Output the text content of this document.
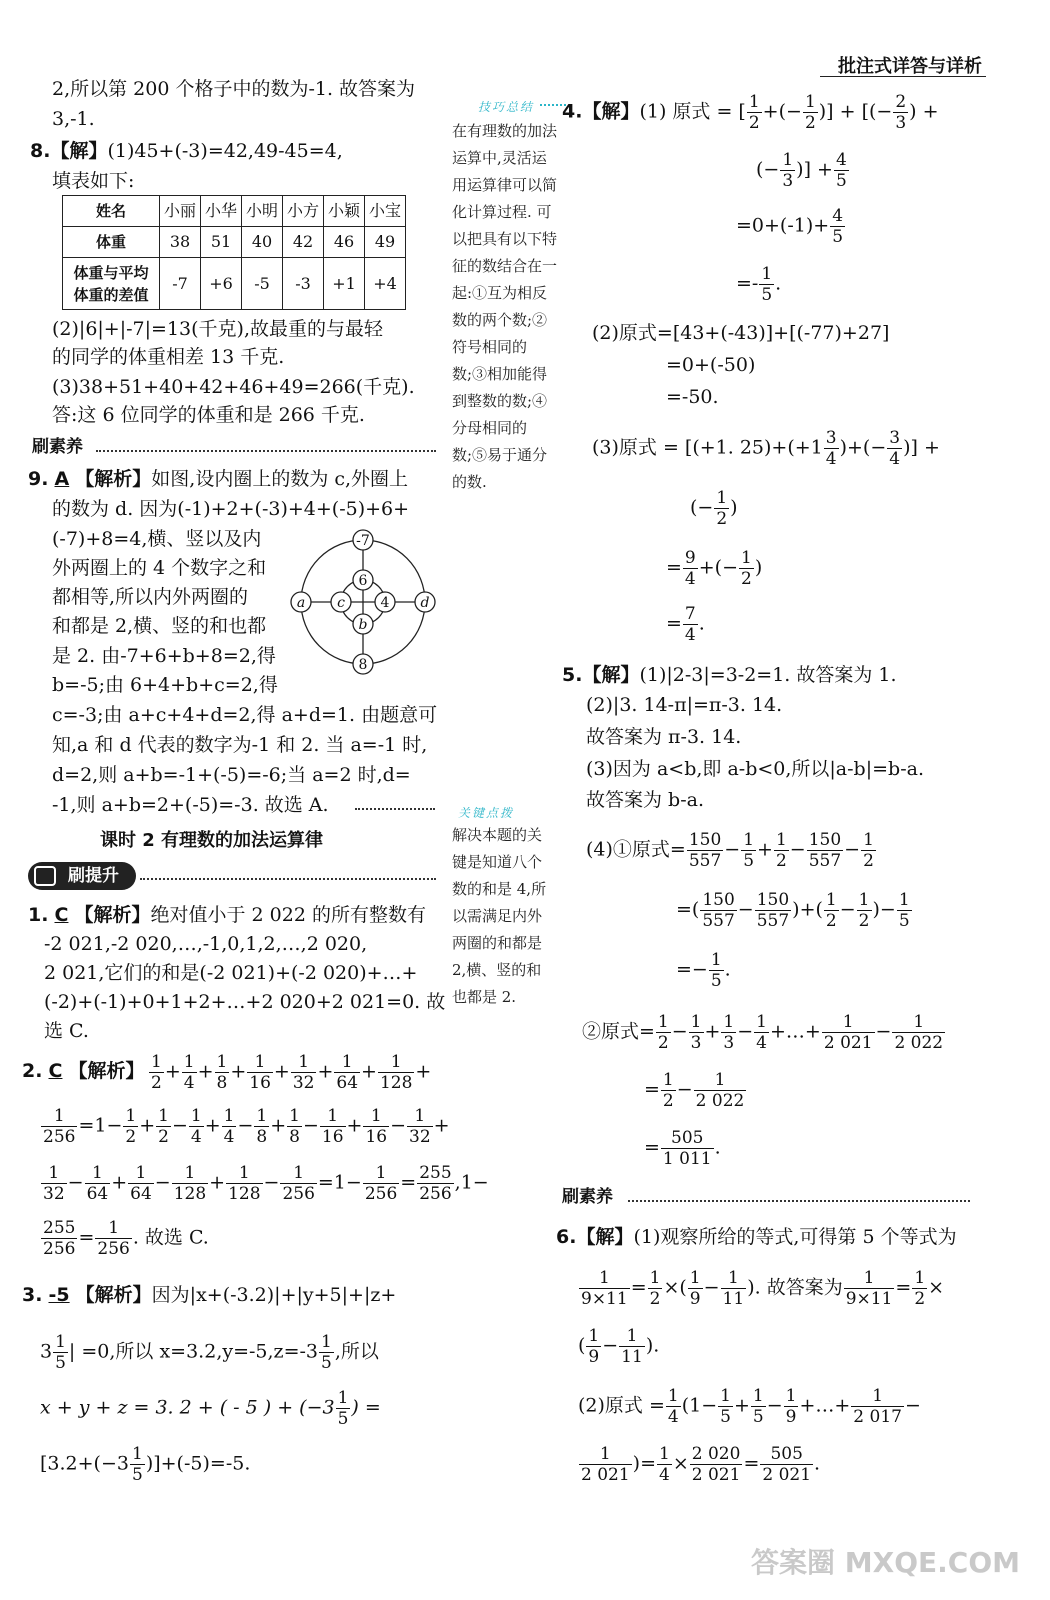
批注式详答与详析
2,所以第 200 个格子中的数为-1. 故答案为
3,-1.
8.【解】(1)45+(-3)=42,49-45=4,
填表如下:
姓名	小丽	小华	小明	小方	小颖	小宝
体重	38	51	40	42	46	49
体重与平均体重的差值	-7	+6	-5	-3	+1	+4
(2)|6|+|-7|=13(千克),故最重的与最轻
的同学的体重相差 13 千克.
(3)38+51+40+42+46+49=266(千克).
答:这 6 位同学的体重和是 266 千克.
刷素养
9. A 【解析】如图,设内圈上的数为 c,外圈上
的数为 d. 因为(-1)+2+(-3)+4+(-5)+6+
(-7)+8=4,横、竖以及内
外两圈上的 4 个数字之和
都相等,所以内外两圈的
和都是 2,横、竖的和也都
是 2. 由-7+6+b+8=2,得
b=-5;由 6+4+b+c=2,得
c=-3;由 a+c+4+d=2,得 a+d=1. 由题意可
知,a 和 d 代表的数字为-1 和 2. 当 a=-1 时,
d=2,则 a+b=-1+(-5)=-6;当 a=2 时,d=
-1,则 a+b=2+(-5)=-3. 故选 A.
-7
6
4
b
c
a	d
8
课时 2 有理数的加法运算律
刷提升
1. C 【解析】绝对值小于 2 022 的所有整数有
-2 021,-2 020,…,-1,0,1,2,…,2 020,
2 021,它们的和是(-2 021)+(-2 020)+…+
(-2)+(-1)+0+1+2+…+2 020+2 021=0. 故
选 C.
2. C 【解析】 $\frac{1}{2} + \frac{1}{4} + \frac{1}{8} + \frac{1}{16} + \frac{1}{32} + \frac{1}{64} + \frac{1}{128}$ +
$\frac{1}{256} =1- \frac{1}{2} + \frac{1}{2} - \frac{1}{4} + \frac{1}{4} - \frac{1}{8} + \frac{1}{8} - \frac{1}{16} + \frac{1}{16} - \frac{1}{32}$ +
$\frac{1}{32} - \frac{1}{64} + \frac{1}{64} - \frac{1}{128} + \frac{1}{128} - \frac{1}{256} =1- \frac{1}{256} = \frac{255}{256} ,1-$
$\frac{255}{256} = \frac{1}{256}$ . 故选 C.
3. -5 【解析】因为|x+(-3.2)|+|y+5|+|z+
$3 \frac{1}{5}$ | =0,所以 $x=3.2,y=-5,z=-3 \frac{1}{5}$ ,所以
x + y + z = 3. 2 + ( - 5 ) + ($-3 \frac{1}{5}$ ) =
$[3.2+(-3 \frac{1}{5} )]+(-5)=-5$.
技巧总结
在有理数的加法运算中,灵活运用运算律可以简化计算过程. 可以把具有以下特征的数结合在一起:①互为相反数的两个数;②符号相同的数;③相加能得到整数的数;④分母相同的数;⑤易于通分的数.
关键点拨
解决本题的关键是知道八个数的和是 4,所以需满足内外两圈的和都是 2,横、竖的和也都是 2.
4.【解】(1) 原式 = [ $\frac{1}{2}$ +(− $\frac{1}{2}$ )] + [(− $\frac{2}{3}$ ) +
(− $\frac{1}{3}$ )] + $\frac{4}{5}$
$=0+(-1)+ \frac{4}{5}$
=- $\frac{1}{5}$ .
(2)原式=[43+(-43)]+[(-77)+27]
=0+(-50)
=-50.
(3)原式 = [(+1. $25)+(+1 \frac{3}{4}$ )+(− $\frac{3}{4}$ )] +
(− $\frac{1}{2}$ )
= $\frac{9}{4}$ +(− $\frac{1}{2}$ )
= $\frac{7}{4}$ .
5.【解】(1)|2-3|=3-2=1. 故答案为 1.
(2)|3. 14-π|=π-3. 14.
故答案为 π-3. 14.
(3)因为 a<b,即 a-b<0,所以|a-b|=b-a.
故答案为 b-a.
(4)①原式= $\frac{150}{557} - \frac{1}{5} + \frac{1}{2} - \frac{150}{557} - \frac{1}{2}$
=( $\frac{150}{557} - \frac{150}{557}$ )+( $\frac{1}{2} - \frac{1}{2}$ )− $\frac{1}{5}$
=− $\frac{1}{5}$ .
②原式= $\frac{1}{2} - \frac{1}{3} + \frac{1}{3} - \frac{1}{4}$ +…+ $\frac{1}{2 021} - \frac{1}{2 022}$
= $\frac{1}{2} - \frac{1}{2 022}$
= $\frac{505}{1 011}$ .
刷素养
6.【解】(1)观察所给的等式,可得第 5 个等式为
$\frac{1}{9\times 11} = \frac{1}{2}$ ×( $\frac{1}{9} - \frac{1}{11}$ ). 故答案为 $\frac{1}{9\times 11} = \frac{1}{2}$ ×
( $\frac{1}{9} - \frac{1}{11}$ ).
(2)原式 = $\frac{1}{4} (1- \frac{1}{5} + \frac{1}{5} - \frac{1}{9}$ +…+ $\frac{1}{2 017}$ −
$\frac{1}{2 021}$ )= $\frac{1}{4} \times \frac{2 020}{2 021} = \frac{505}{2 021}$ .
答案圈 MXQE.COM
